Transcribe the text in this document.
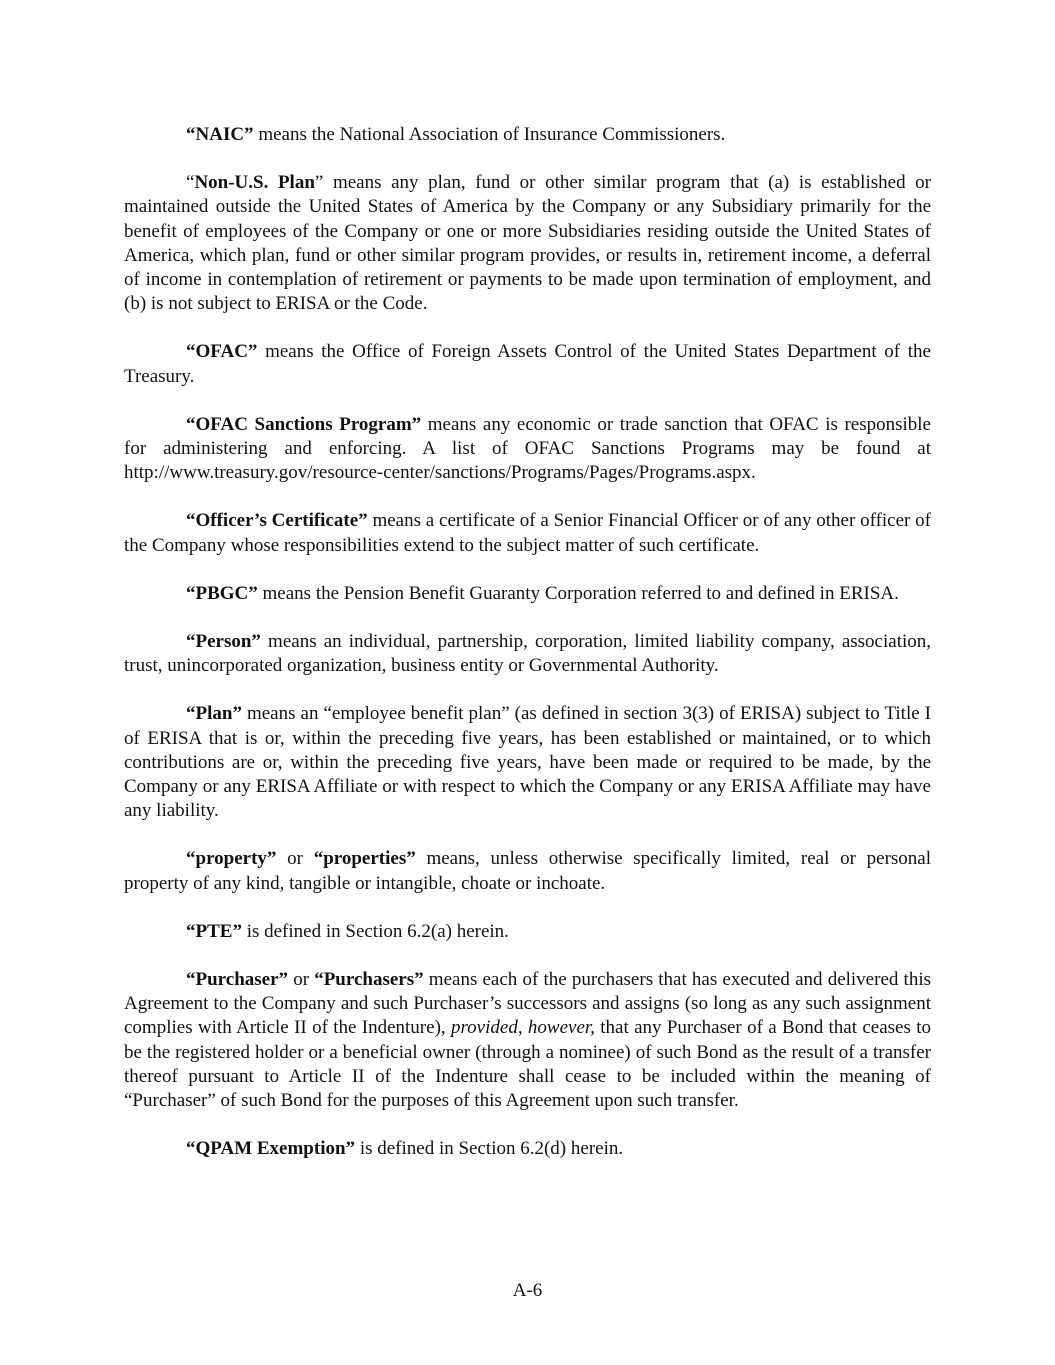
“NAIC” means the National Association of Insurance Commissioners.

“Non-U.S. Plan” means any plan, fund or other similar program that (a) is established or maintained outside the United States of America by the Company or any Subsidiary primarily for the benefit of employees of the Company or one or more Subsidiaries residing outside the United States of America, which plan, fund or other similar program provides, or results in, retirement income, a deferral of income in contemplation of retirement or payments to be made upon termination of employment, and (b) is not subject to ERISA or the Code.

“OFAC” means the Office of Foreign Assets Control of the United States Department of the Treasury.

“OFAC Sanctions Program” means any economic or trade sanction that OFAC is responsible for administering and enforcing. A list of OFAC Sanctions Programs may be found at http://www.treasury.gov/resource-center/sanctions/Programs/Pages/Programs.aspx.

“Officer’s Certificate” means a certificate of a Senior Financial Officer or of any other officer of the Company whose responsibilities extend to the subject matter of such certificate.

“PBGC” means the Pension Benefit Guaranty Corporation referred to and defined in ERISA.

“Person” means an individual, partnership, corporation, limited liability company, association, trust, unincorporated organization, business entity or Governmental Authority.

“Plan” means an “employee benefit plan” (as defined in section 3(3) of ERISA) subject to Title I of ERISA that is or, within the preceding five years, has been established or maintained, or to which contributions are or, within the preceding five years, have been made or required to be made, by the Company or any ERISA Affiliate or with respect to which the Company or any ERISA Affiliate may have any liability.

“property” or “properties” means, unless otherwise specifically limited, real or personal property of any kind, tangible or intangible, choate or inchoate.

“PTE” is defined in Section 6.2(a) herein.

“Purchaser” or “Purchasers” means each of the purchasers that has executed and delivered this Agreement to the Company and such Purchaser’s successors and assigns (so long as any such assignment complies with Article II of the Indenture), provided, however, that any Purchaser of a Bond that ceases to be the registered holder or a beneficial owner (through a nominee) of such Bond as the result of a transfer thereof pursuant to Article II of the Indenture shall cease to be included within the meaning of “Purchaser” of such Bond for the purposes of this Agreement upon such transfer.

“QPAM Exemption” is defined in Section 6.2(d) herein.

A-6
